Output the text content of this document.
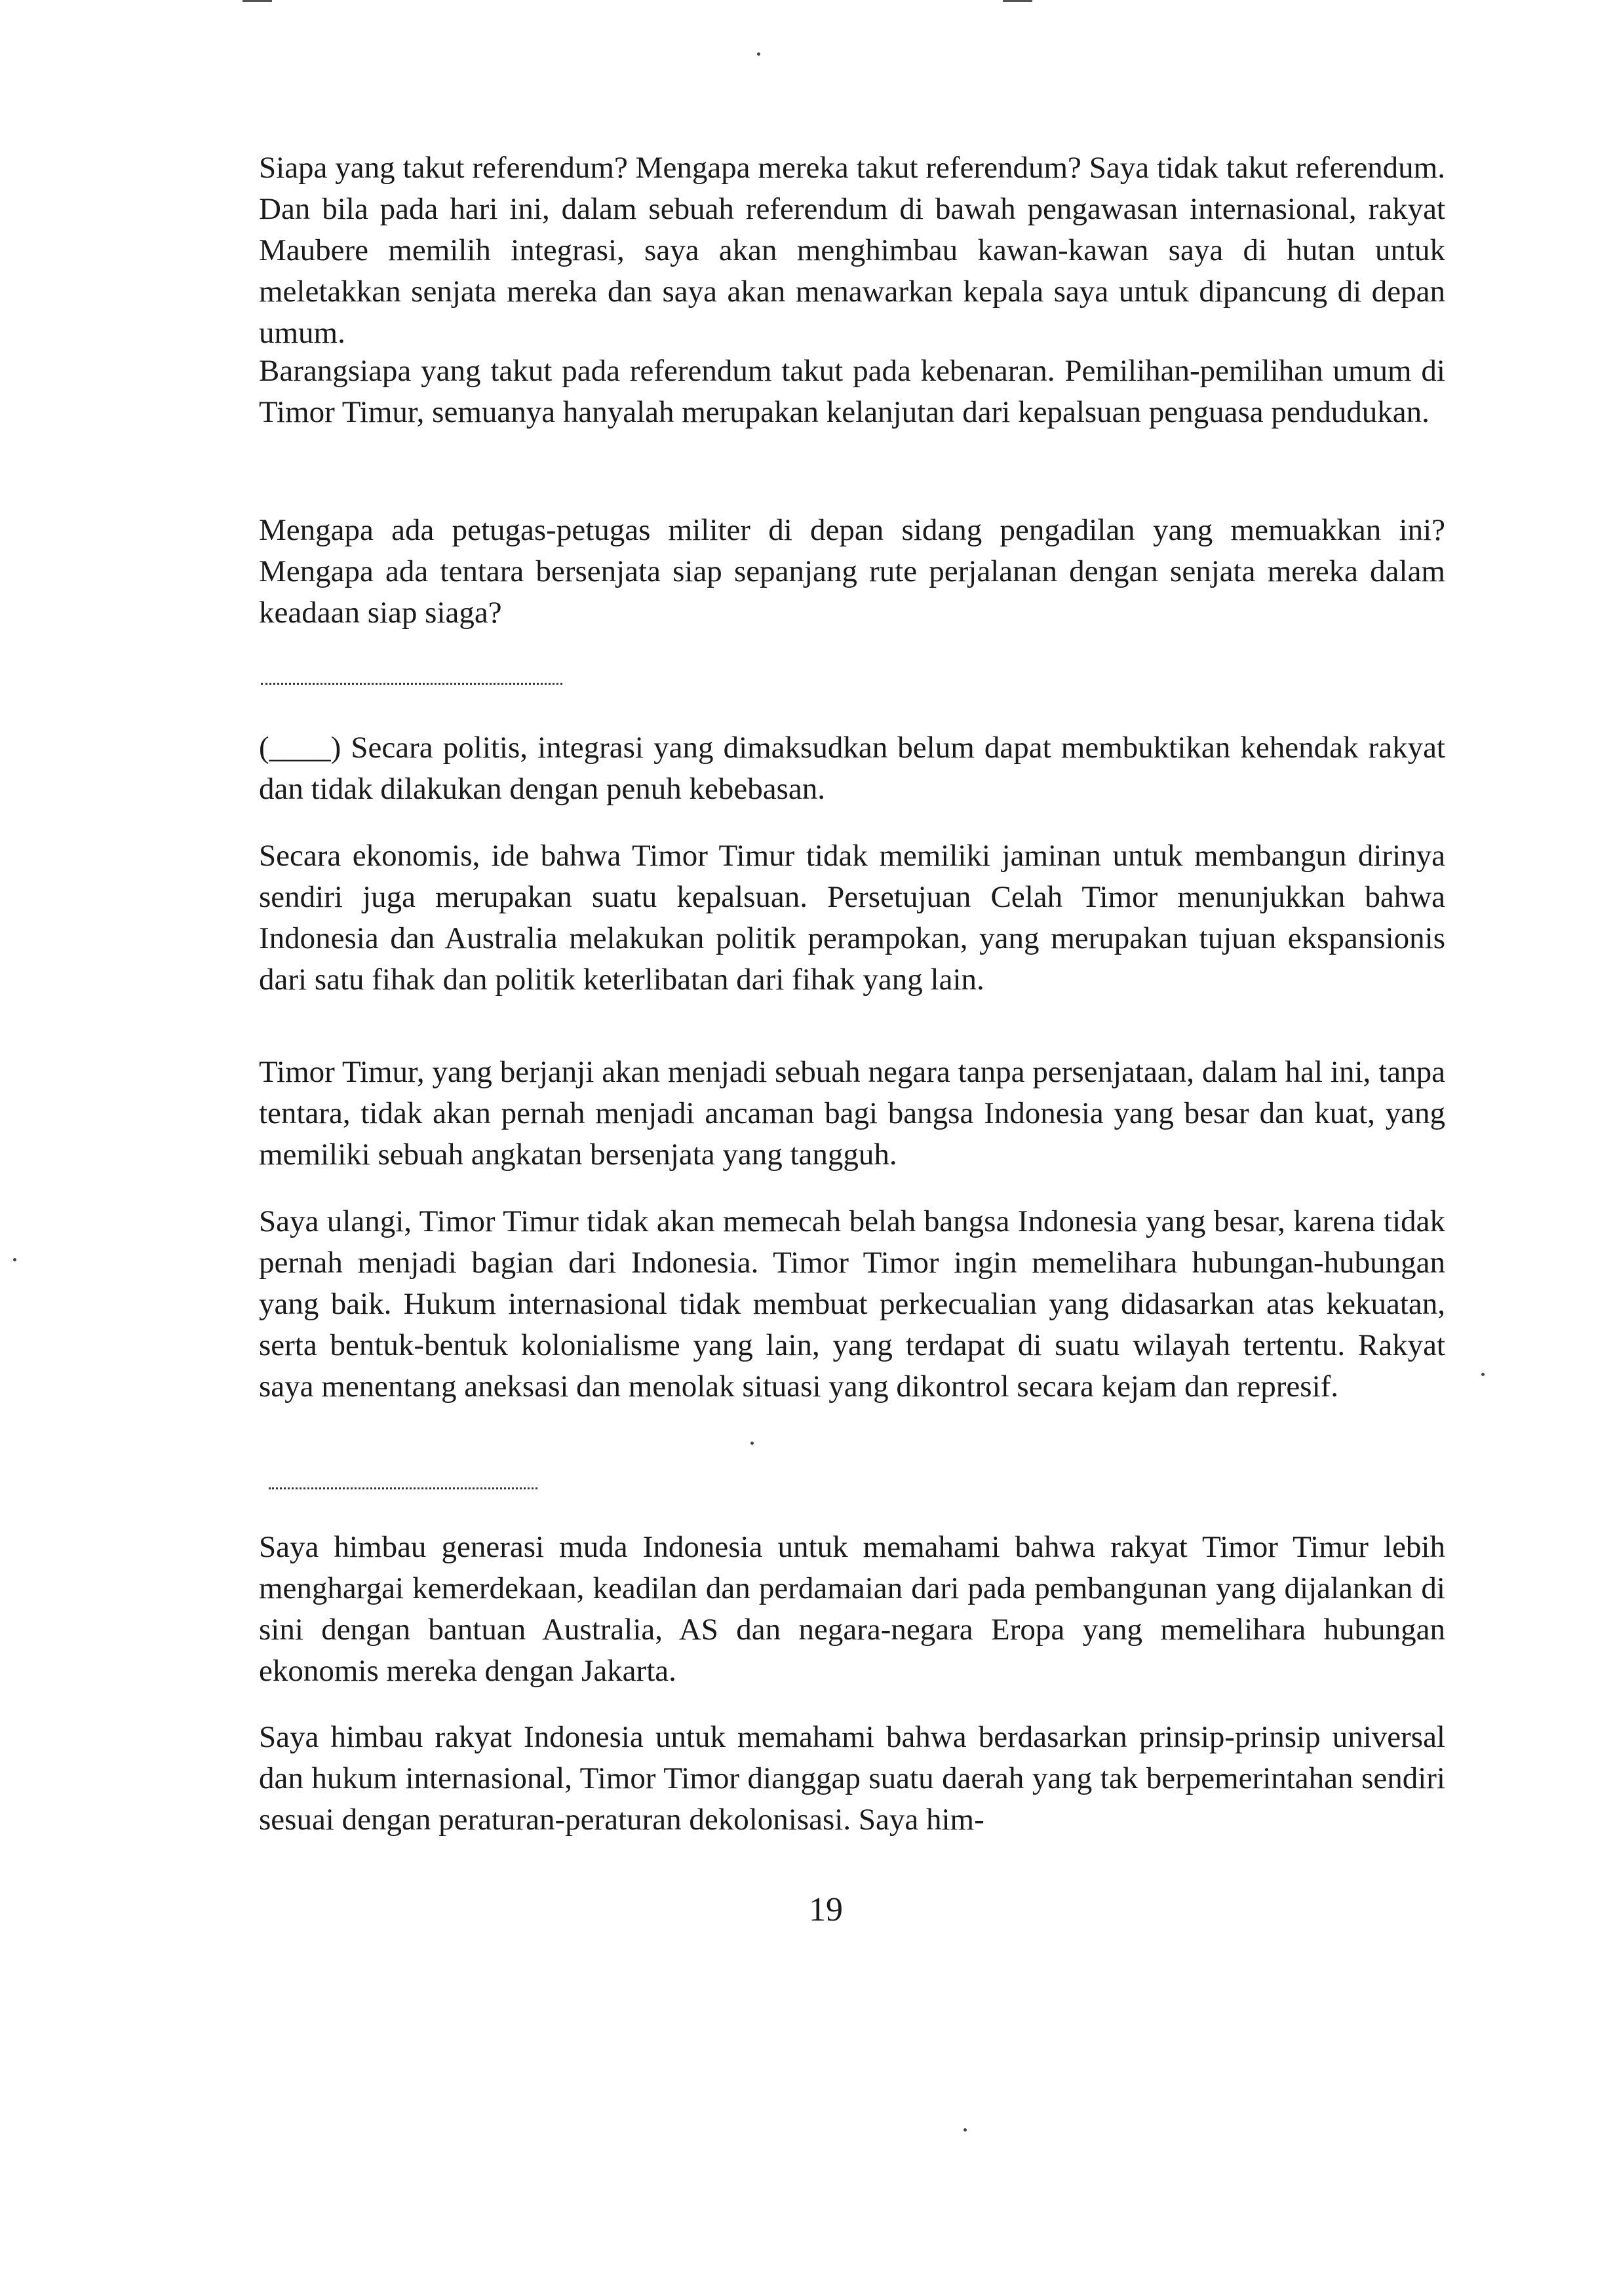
Siapa yang takut referendum? Mengapa mereka takut referendum? Saya tidak takut referendum. Dan bila pada hari ini, dalam sebuah referendum di bawah pengawasan internasional, rakyat Maubere memilih integrasi, saya akan menghimbau kawan-kawan saya di hutan untuk meletakkan senjata mereka dan saya akan menawarkan kepala saya untuk dipancung di depan umum.

Barangsiapa yang takut pada referendum takut pada kebenaran. Pemilihan-pemilihan umum di Timor Timur, semuanya hanyalah merupakan kelanjutan dari kepalsuan penguasa pendudukan.

Mengapa ada petugas-petugas militer di depan sidang pengadilan yang memuakkan ini? Mengapa ada tentara bersenjata siap sepanjang rute perjalanan dengan senjata mereka dalam keadaan siap siaga?

(____) Secara politis, integrasi yang dimaksudkan belum dapat membuktikan kehendak rakyat dan tidak dilakukan dengan penuh kebebasan.

Secara ekonomis, ide bahwa Timor Timur tidak memiliki jaminan untuk membangun dirinya sendiri juga merupakan suatu kepalsuan. Persetujuan Celah Timor menunjukkan bahwa Indonesia dan Australia melakukan politik perampokan, yang merupakan tujuan ekspansionis dari satu fihak dan politik keterlibatan dari fihak yang lain.

Timor Timur, yang berjanji akan menjadi sebuah negara tanpa persenjataan, dalam hal ini, tanpa tentara, tidak akan pernah menjadi ancaman bagi bangsa Indonesia yang besar dan kuat, yang memiliki sebuah angkatan bersenjata yang tangguh.

Saya ulangi, Timor Timur tidak akan memecah belah bangsa Indonesia yang besar, karena tidak pernah menjadi bagian dari Indonesia. Timor Timor ingin memelihara hubungan-hubungan yang baik. Hukum internasional tidak membuat perkecualian yang didasarkan atas kekuatan, serta bentuk-bentuk kolonialisme yang lain, yang terdapat di suatu wilayah tertentu. Rakyat saya menentang aneksasi dan menolak situasi yang dikontrol secara kejam dan represif.

Saya himbau generasi muda Indonesia untuk memahami bahwa rakyat Timor Timur lebih menghargai kemerdekaan, keadilan dan perdamaian dari pada pembangunan yang dijalankan di sini dengan bantuan Australia, AS dan negara-negara Eropa yang memelihara hubungan ekonomis mereka dengan Jakarta.

Saya himbau rakyat Indonesia untuk memahami bahwa berdasarkan prinsip-prinsip universal dan hukum internasional, Timor Timor dianggap suatu daerah yang tak berpemerintahan sendiri sesuai dengan peraturan-peraturan dekolonisasi. Saya him-

19
